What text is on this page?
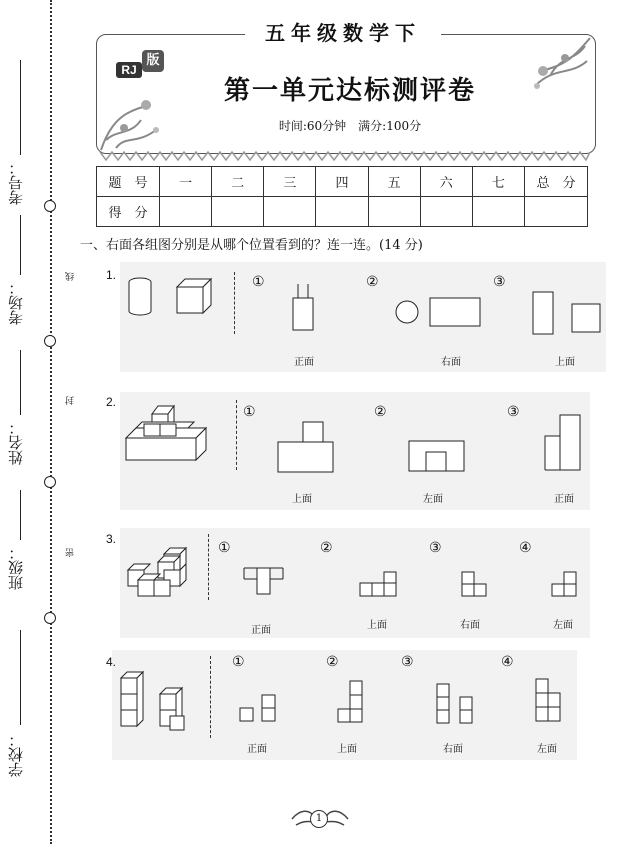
考号：
考场：
线
姓名：
封
班级：	密
学校：
五年级数学下
版
RJ
第一单元达标测评卷
时间:60分钟　满分:100分
题　号	一	二	三	四	五	六	七	总　分
得　分								
一、右面各组图分别是从哪个位置看到的？连一连。(14 分)
1.	①	②	③
正面	右面	上面
2.
①	②	③
上面	左面	正面
3.
①	②	③	④
正面	上面	右面	左面
4.	①	②	③	④
正面	上面	右面	左面
1
